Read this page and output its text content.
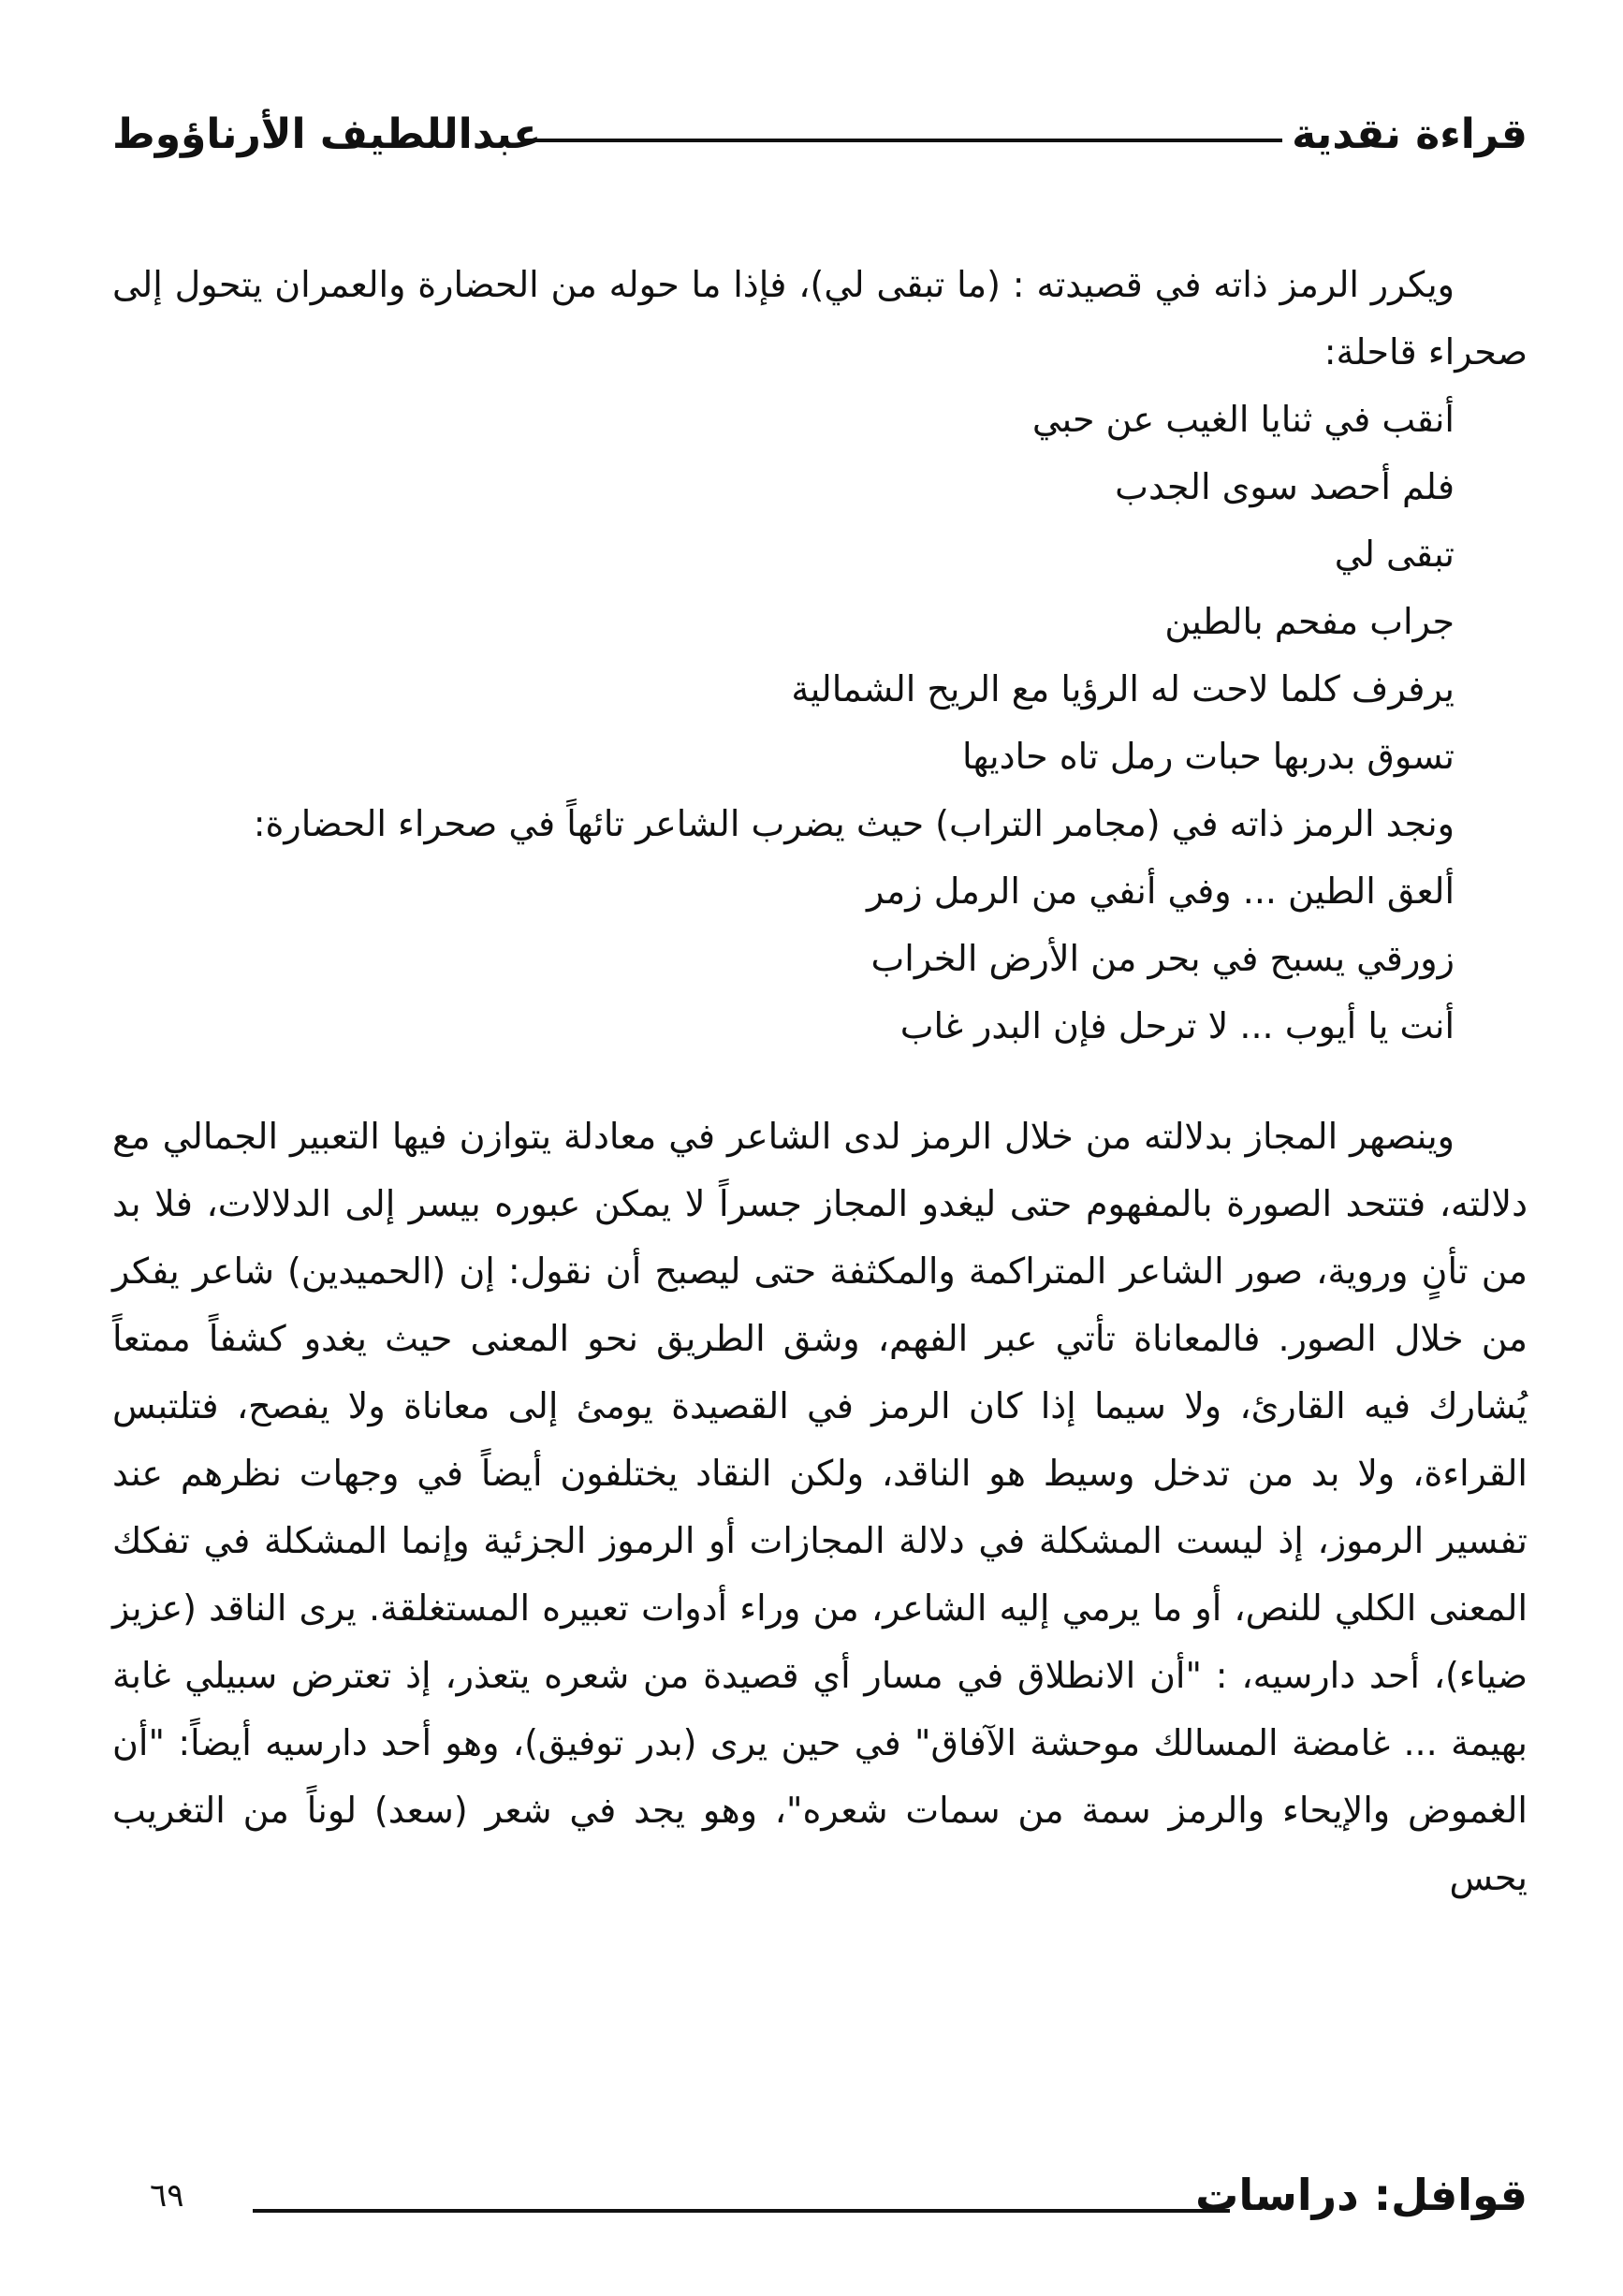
قراءة نقدية
عبداللطيف الأرناؤوط

ويكرر الرمز ذاته في قصيدته : (ما تبقى لي)، فإذا ما حوله من الحضارة والعمران يتحول إلى صحراء قاحلة:

أنقب في ثنايا الغيب عن حبي
فلم أحصد سوى الجدب
تبقى لي
جراب مفحم بالطين
يرفرف كلما لاحت له الرؤيا مع الريح الشمالية
تسوق بدربها حبات رمل تاه حاديها

ونجد الرمز ذاته في (مجامر التراب) حيث يضرب الشاعر تائهاً في صحراء الحضارة:

ألعق الطين ... وفي أنفي من الرمل زمر
زورقي يسبح في بحر من الأرض الخراب
أنت يا أيوب ... لا ترحل فإن البدر غاب

وينصهر المجاز بدلالته من خلال الرمز لدى الشاعر في معادلة يتوازن فيها التعبير الجمالي مع دلالته، فتتحد الصورة بالمفهوم حتى ليغدو المجاز جسراً لا يمكن عبوره بيسر إلى الدلالات، فلا بد من تأنٍ وروية، صور الشاعر المتراكمة والمكثفة حتى ليصبح أن نقول: إن (الحميدين) شاعر يفكر من خلال الصور. فالمعاناة تأتي عبر الفهم، وشق الطريق نحو المعنى حيث يغدو كشفاً ممتعاً يُشارك فيه القارئ، ولا سيما إذا كان الرمز في القصيدة يومئ إلى معاناة ولا يفصح، فتلتبس القراءة، ولا بد من تدخل وسيط هو الناقد، ولكن النقاد يختلفون أيضاً في وجهات نظرهم عند تفسير الرموز، إذ ليست المشكلة في دلالة المجازات أو الرموز الجزئية وإنما المشكلة في تفكك المعنى الكلي للنص، أو ما يرمي إليه الشاعر، من وراء أدوات تعبيره المستغلقة. يرى الناقد (عزيز ضياء)، أحد دارسيه، : "أن الانطلاق في مسار أي قصيدة من شعره يتعذر، إذ تعترض سبيلي غابة بهيمة ... غامضة المسالك موحشة الآفاق" في حين يرى (بدر توفيق)، وهو أحد دارسيه أيضاً: "أن الغموض والإيحاء والرمز سمة من سمات شعره"، وهو يجد في شعر (سعد) لوناً من التغريب يحس

قوافل: دراسات
٦٩
